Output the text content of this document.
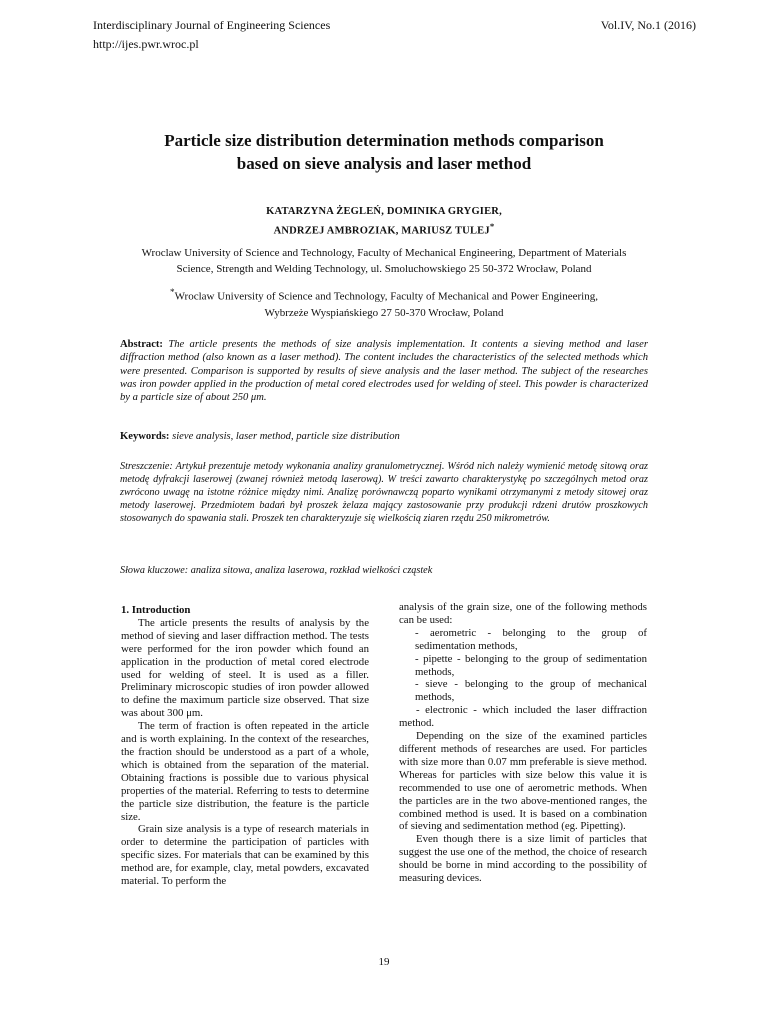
Interdisciplinary Journal of Engineering Sciences	Vol.IV, No.1 (2016)
http://ijes.pwr.wroc.pl
Particle size distribution determination methods comparison
based on sieve analysis and laser method
KATARZYNA ŻEGLEŃ, DOMINIKA GRYGIER,
ANDRZEJ AMBROZIAK, MARIUSZ TULEJ*
Wroclaw University of Science and Technology, Faculty of Mechanical Engineering, Department of Materials
Science, Strength and Welding Technology, ul. Smoluchowskiego 25 50-372 Wrocław, Poland
*Wroclaw University of Science and Technology, Faculty of Mechanical and Power Engineering,
Wybrzeże Wyspiańskiego 27 50-370 Wrocław, Poland

Abstract: The article presents the methods of size analysis implementation. It contents a sieving method and laser diffraction method (also known as a laser method). The content includes the characteristics of the selected methods which were presented. Comparison is supported by results of sieve analysis and the laser method. The subject of the researches was iron powder applied in the production of metal cored electrodes used for welding of steel. This powder is characterized by a particle size of about 250 μm.

Keywords: sieve analysis, laser method, particle size distribution

Streszczenie: Artykuł prezentuje metody wykonania analizy granulometrycznej. Wśród nich należy wymienić metodę sitową oraz metodę dyfrakcji laserowej (zwanej również metodą laserową). W treści zawarto charakterystykę po szczególnych metod oraz zwrócono uwagę na istotne różnice między nimi. Analizę porównawczą poparto wynikami otrzymanymi z metody sitowej oraz metody laserowej. Przedmiotem badań był proszek żelaza mający zastosowanie przy produkcji rdzeni drutów proszkowych stosowanych do spawania stali. Proszek ten charakteryzuje się wielkością ziaren rzędu 250 mikrometrów.

Słowa kluczowe: analiza sitowa, analiza laserowa, rozkład wielkości cząstek

1. Introduction

The article presents the results of analysis by the method of sieving and laser diffraction method. The tests were performed for the iron powder which found an application in the production of metal cored electrode used for welding of steel. It is used as a filler. Preliminary microscopic studies of iron powder allowed to define the maximum particle size observed. That size was about 300 μm.

The term of fraction is often repeated in the article and is worth explaining. In the context of the researches, the fraction should be understood as a part of a whole, which is obtained from the separation of the material. Obtaining fractions is possible due to various physical properties of the material. Referring to tests to determine the particle size distribution, the feature is the particle size.

Grain size analysis is a type of research materials in order to determine the participation of particles with specific sizes. For materials that can be examined by this method are, for example, clay, metal powders, excavated material. To perform the

analysis of the grain size, one of the following methods can be used:

- aerometric - belonging to the group of sedimentation methods,

- pipette - belonging to the group of sedimentation methods,

- sieve - belonging to the group of mechanical methods,

- electronic - which included the laser diffraction method.

Depending on the size of the examined particles different methods of researches are used. For particles with size more than 0.07 mm preferable is sieve method. Whereas for particles with size below this value it is recommended to use one of aerometric methods. When the particles are in the two above-mentioned ranges, the combined method is used. It is based on a combination of sieving and sedimentation method (eg. Pipetting).

Even though there is a size limit of particles that suggest the use one of the method, the choice of research should be borne in mind according to the possibility of measuring devices.

19
